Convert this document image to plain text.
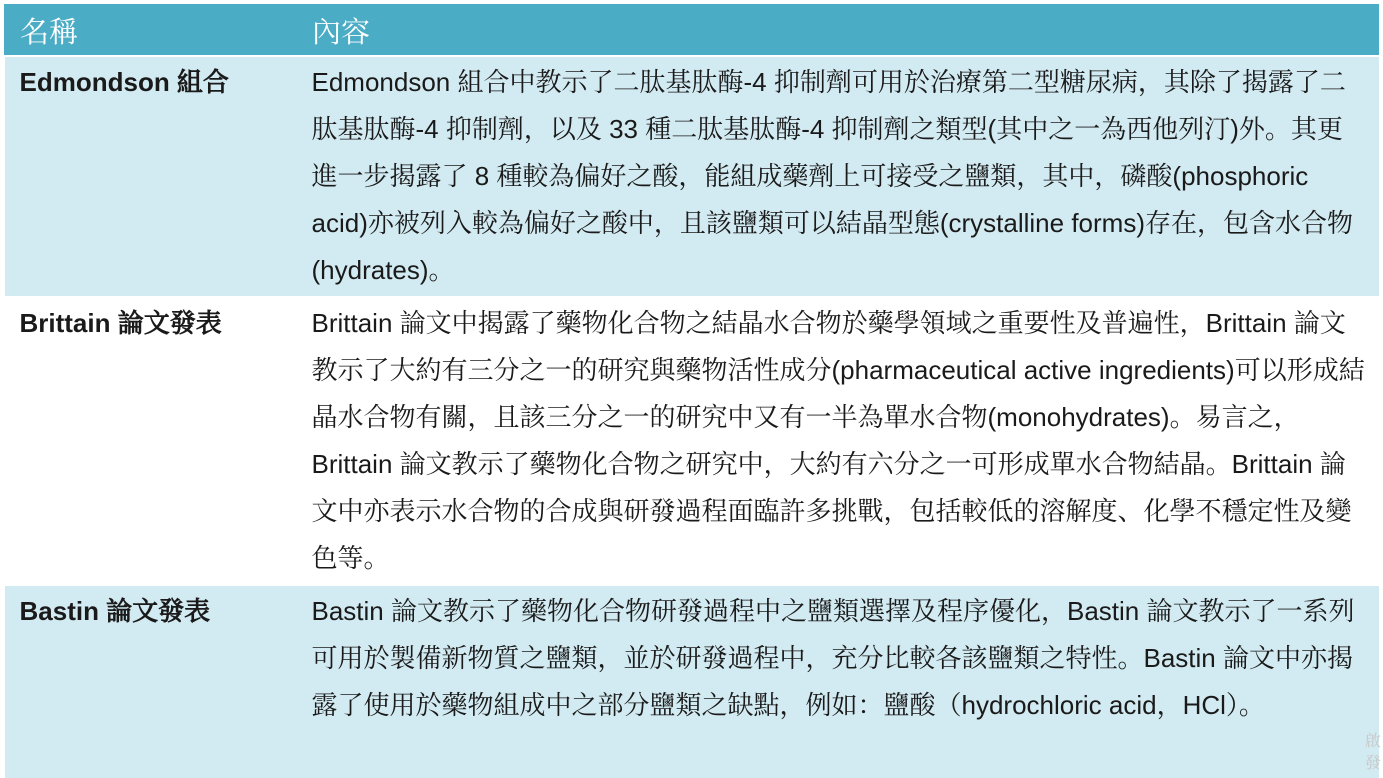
名稱	內容
Edmondson 組合	Edmondson 組合中教示了二肽基肽酶-4 抑制劑可用於治療第二型糖尿病，其除了揭露了二肽基肽酶-4 抑制劑，以及 33 種二肽基肽酶-4 抑制劑之類型(其中之一為西他列汀)外。其更進一步揭露了 8 種較為偏好之酸，能組成藥劑上可接受之鹽類，其中，磷酸(phosphoric acid)亦被列入較為偏好之酸中，且該鹽類可以結晶型態(crystalline forms)存在，包含水合物(hydrates)。
Brittain 論文發表	Brittain 論文中揭露了藥物化合物之結晶水合物於藥學領域之重要性及普遍性，Brittain 論文教示了大約有三分之一的研究與藥物活性成分(pharmaceutical active ingredients)可以形成結晶水合物有關，且該三分之一的研究中又有一半為單水合物(monohydrates)。易言之，Brittain 論文教示了藥物化合物之研究中，大約有六分之一可形成單水合物結晶。Brittain 論文中亦表示水合物的合成與研發過程面臨許多挑戰，包括較低的溶解度、化學不穩定性及變色等。
Bastin 論文發表	Bastin 論文教示了藥物化合物研發過程中之鹽類選擇及程序優化，Bastin 論文教示了一系列可用於製備新物質之鹽類，並於研發過程中，充分比較各該鹽類之特性。Bastin 論文中亦揭露了使用於藥物組成中之部分鹽類之缺點，例如：鹽酸（hydrochloric acid，HCl）。
啟發
